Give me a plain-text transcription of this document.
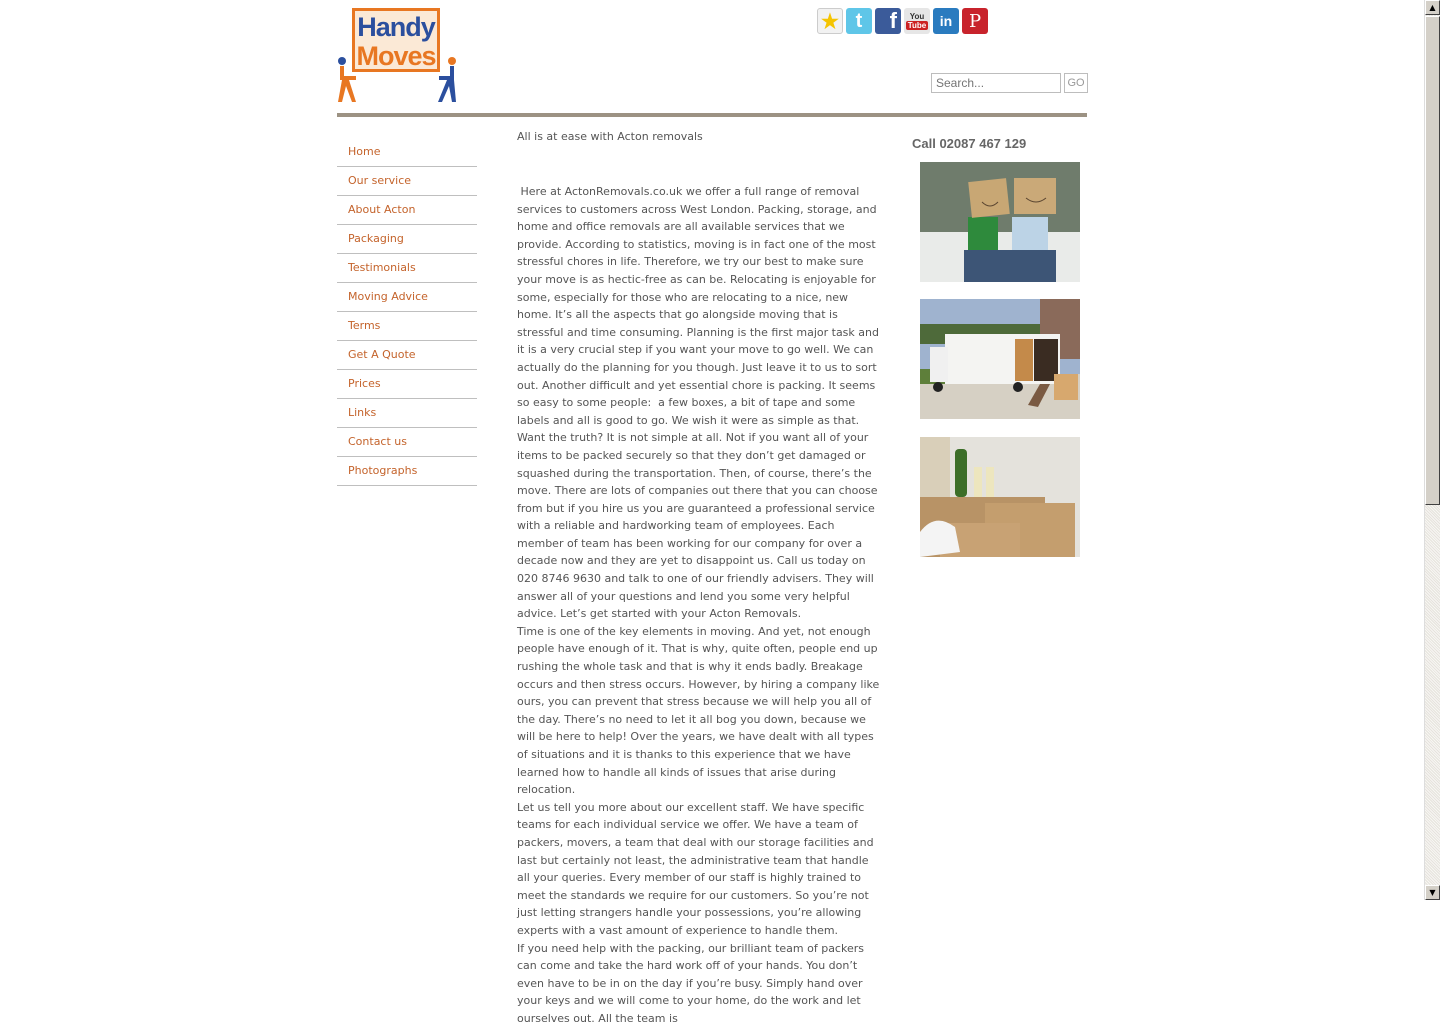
Handy
Moves
★ t f You
Tube in P
Search...
GO
Home
Our service
About Acton
Packaging
Testimonials
Moving Advice
Terms
Get A Quote
Prices
Links
Contact us
Photographs
All is at ease with Acton removals

Here at ActonRemovals.co.uk we offer a full range of removal services to customers across West London. Packing, storage, and home and office removals are all available services that we provide. According to statistics, moving is in fact one of the most stressful chores in life. Therefore, we try our best to make sure your move is as hectic-free as can be. Relocating is enjoyable for some, especially for those who are relocating to a nice, new home. It’s all the aspects that go alongside moving that is stressful and time consuming. Planning is the first major task and it is a very crucial step if you want your move to go well. We can actually do the planning for you though. Just leave it to us to sort out. Another difficult and yet essential chore is packing. It seems so easy to some people:  a few boxes, a bit of tape and some labels and all is good to go. We wish it were as simple as that. Want the truth? It is not simple at all. Not if you want all of your items to be packed securely so that they don’t get damaged or squashed during the transportation. Then, of course, there’s the move. There are lots of companies out there that you can choose from but if you hire us you are guaranteed a professional service with a reliable and hardworking team of employees. Each member of team has been working for our company for over a decade now and they are yet to disappoint us. Call us today on 020 8746 9630 and talk to one of our friendly advisers. They will answer all of your questions and lend you some very helpful advice. Let’s get started with your Acton Removals.

Time is one of the key elements in moving. And yet, not enough people have enough of it. That is why, quite often, people end up rushing the whole task and that is why it ends badly. Breakage occurs and then stress occurs. However, by hiring a company like ours, you can prevent that stress because we will help you all of the day. There’s no need to let it all bog you down, because we will be here to help! Over the years, we have dealt with all types of situations and it is thanks to this experience that we have learned how to handle all kinds of issues that arise during relocation.

Let us tell you more about our excellent staff. We have specific teams for each individual service we offer. We have a team of packers, movers, a team that deal with our storage facilities and last but certainly not least, the administrative team that handle all your queries. Every member of our staff is highly trained to meet the standards we require for our customers. So you’re not just letting strangers handle your possessions, you’re allowing experts with a vast amount of experience to handle them.

If you need help with the packing, our brilliant team of packers can come and take the hard work off of your hands. You don’t even have to be in on the day if you’re busy. Simply hand over your keys and we will come to your home, do the work and let ourselves out. All the team is

Call 02087 467 129

▲
▼
